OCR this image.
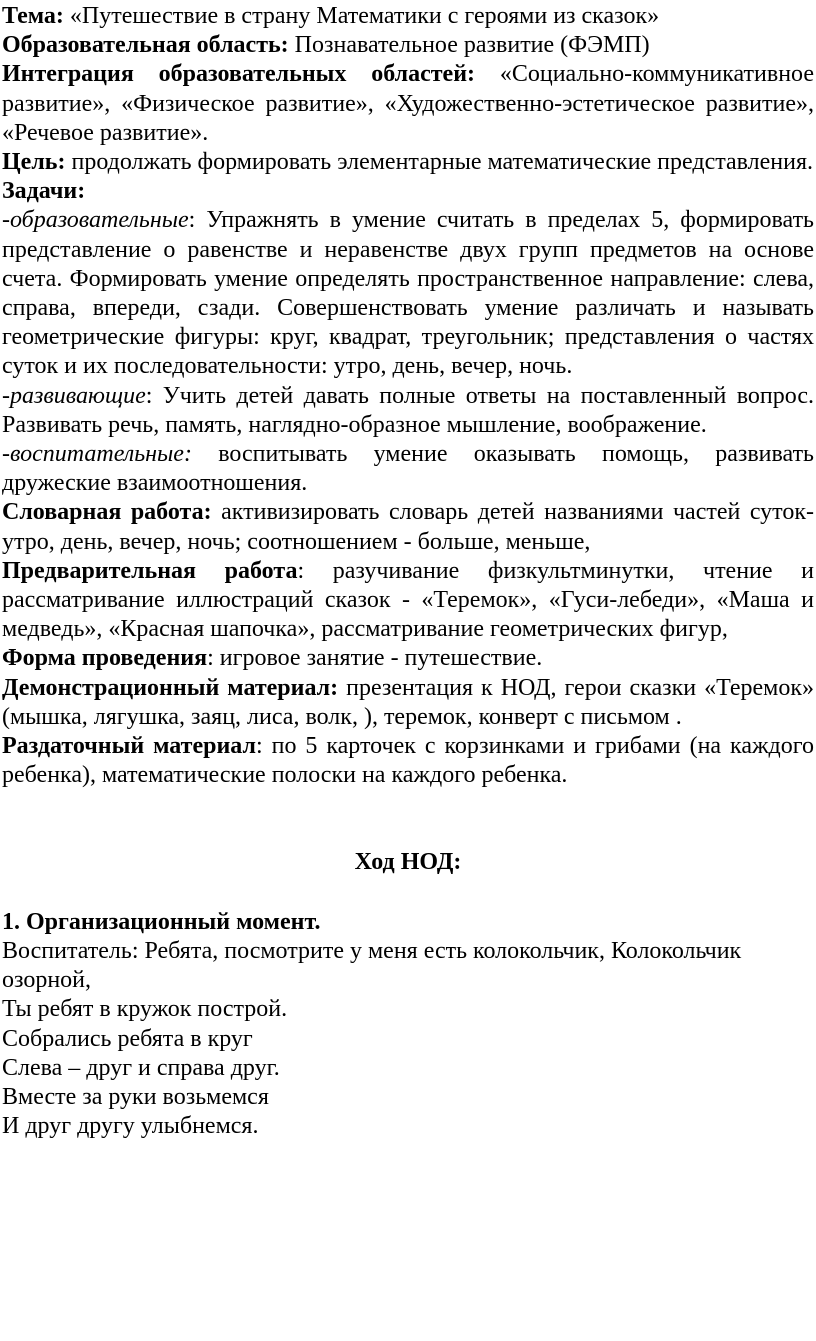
Тема: «Путешествие в страну Математики с героями из сказок»

Образовательная область: Познавательное развитие (ФЭМП)

Интеграция образовательных областей: «Социально-коммуникативное развитие», «Физическое развитие», «Художественно-эстетическое развитие», «Речевое развитие».

Цель: продолжать формировать элементарные математические представления.

Задачи:

-образовательные: Упражнять в умение считать в пределах 5, формировать представление о равенстве и неравенстве двух групп предметов на основе счета. Формировать умение определять пространственное направление: слева, справа, впереди, сзади. Совершенствовать умение различать и называть геометрические фигуры: круг, квадрат, треугольник; представления о частях суток и их последовательности: утро, день, вечер, ночь.

-развивающие: Учить детей давать полные ответы на поставленный вопрос. Развивать речь, память, наглядно-образное мышление, воображение.

-воспитательные: воспитывать умение оказывать помощь, развивать дружеские взаимоотношения.

Словарная работа: активизировать словарь детей названиями частей суток- утро, день, вечер, ночь; соотношением - больше, меньше,

Предварительная работа: разучивание физкультминутки, чтение и рассматривание иллюстраций сказок - «Теремок», «Гуси-лебеди», «Маша и медведь», «Красная шапочка», рассматривание геометрических фигур,

Форма проведения: игровое занятие - путешествие.

Демонстрационный материал: презентация к НОД, герои сказки «Теремок» (мышка, лягушка, заяц, лиса, волк, ), теремок, конверт с письмом .

Раздаточный материал: по 5 карточек с корзинками и грибами (на каждого ребенка), математические полоски на каждого ребенка.

Ход НОД:

1. Организационный момент.

Воспитатель: Ребята, посмотрите у меня есть колокольчик, Колокольчик озорной,

Ты ребят в кружок построй.

Собрались ребята в круг

Слева – друг и справа друг.

Вместе за руки возьмемся

И друг другу улыбнемся.
